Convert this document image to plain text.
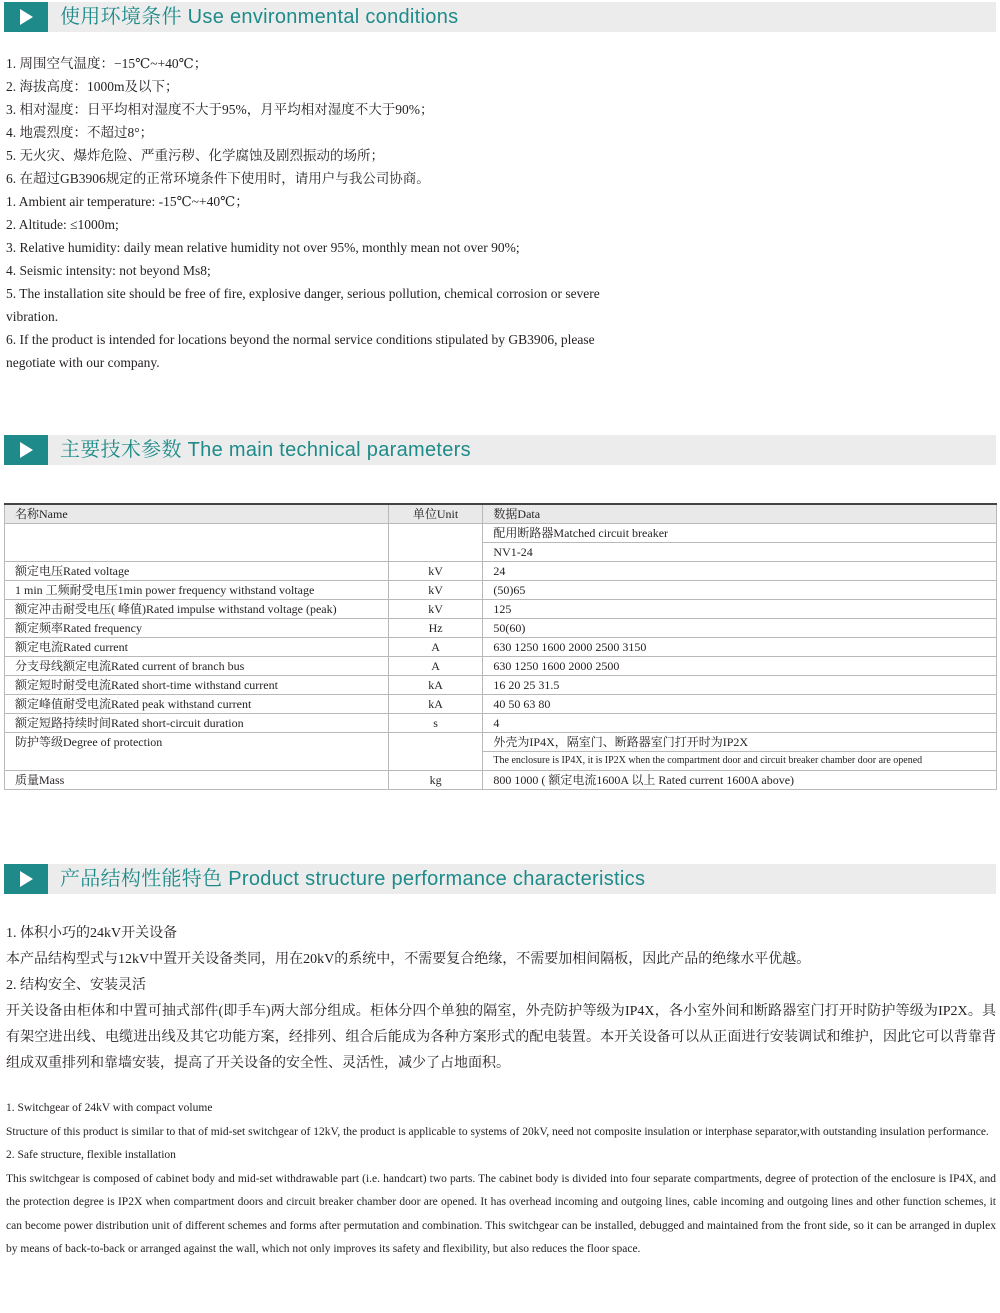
使用环境条件 Use environmental conditions
1. 周围空气温度：−15℃~+40℃；
2. 海拔高度：1000m及以下；
3. 相对湿度：日平均相对湿度不大于95%，月平均相对湿度不大于90%；
4. 地震烈度：不超过8°；
5. 无火灾、爆炸危险、严重污秽、化学腐蚀及剧烈振动的场所；
6. 在超过GB3906规定的正常环境条件下使用时，请用户与我公司协商。
1. Ambient air temperature: -15℃~+40℃；
2. Altitude: ≤1000m;
3. Relative humidity: daily mean relative humidity not over 95%, monthly mean not over 90%;
4. Seismic intensity: not beyond Ms8;
5. The installation site should be free of fire, explosive danger, serious pollution, chemical corrosion or severe
vibration.
6. If the product is intended for locations beyond the normal service conditions stipulated by GB3906, please
negotiate with our company.
主要技术参数 The main technical parameters
名称Name	单位Unit	数据Data
		配用断路器Matched circuit breaker
		NV1-24
额定电压Rated voltage	kV	24
1 min 工频耐受电压1min power frequency withstand voltage	kV	(50)65
额定冲击耐受电压( 峰值)Rated impulse withstand voltage (peak)	kV	125
额定频率Rated frequency	Hz	50(60)
额定电流Rated current	A	630 1250 1600 2000 2500 3150
分支母线额定电流Rated current of branch bus	A	630 1250 1600 2000 2500
额定短时耐受电流Rated short-time withstand current	kA	16 20 25 31.5
额定峰值耐受电流Rated peak withstand current	kA	40 50 63 80
额定短路持续时间Rated short-circuit duration	s	4
防护等级Degree of protection		外壳为IP4X，隔室门、断路器室门打开时为IP2X
		The enclosure is IP4X, it is IP2X when the compartment door and circuit breaker chamber door are opened
质量Mass	kg	800 1000 ( 额定电流1600A 以上 Rated current 1600A above)
产品结构性能特色 Product structure performance characteristics
1. 体积小巧的24kV开关设备
本产品结构型式与12kV中置开关设备类同，用在20kV的系统中，不需要复合绝缘，不需要加相间隔板，因此产品的绝缘水平优越。
2. 结构安全、安装灵活
开关设备由柜体和中置可抽式部件(即手车)两大部分组成。柜体分四个单独的隔室，外壳防护等级为IP4X，各小室外间和断路器室门打开时防护等级为IP2X。具有架空进出线、电缆进出线及其它功能方案，经排列、组合后能成为各种方案形式的配电装置。本开关设备可以从正面进行安装调试和维护，因此它可以背靠背组成双重排列和靠墙安装，提高了开关设备的安全性、灵活性，减少了占地面积。
1. Switchgear of 24kV with compact volume
Structure of this product is similar to that of mid-set switchgear of 12kV, the product is applicable to systems of 20kV, need not composite insulation or interphase separator,with outstanding insulation performance.
2. Safe structure, flexible installation
This switchgear is composed of cabinet body and mid-set withdrawable part (i.e. handcart) two parts. The cabinet body is divided into four separate compartments, degree of protection of the enclosure is IP4X, and the protection degree is IP2X when compartment doors and circuit breaker chamber door are opened. It has overhead incoming and outgoing lines, cable incoming and outgoing lines and other function schemes, it can become power distribution unit of different schemes and forms after permutation and combination. This switchgear can be installed, debugged and maintained from the front side, so it can be arranged in duplex by means of back-to-back or arranged against the wall, which not only improves its safety and flexibility, but also reduces the floor space.
